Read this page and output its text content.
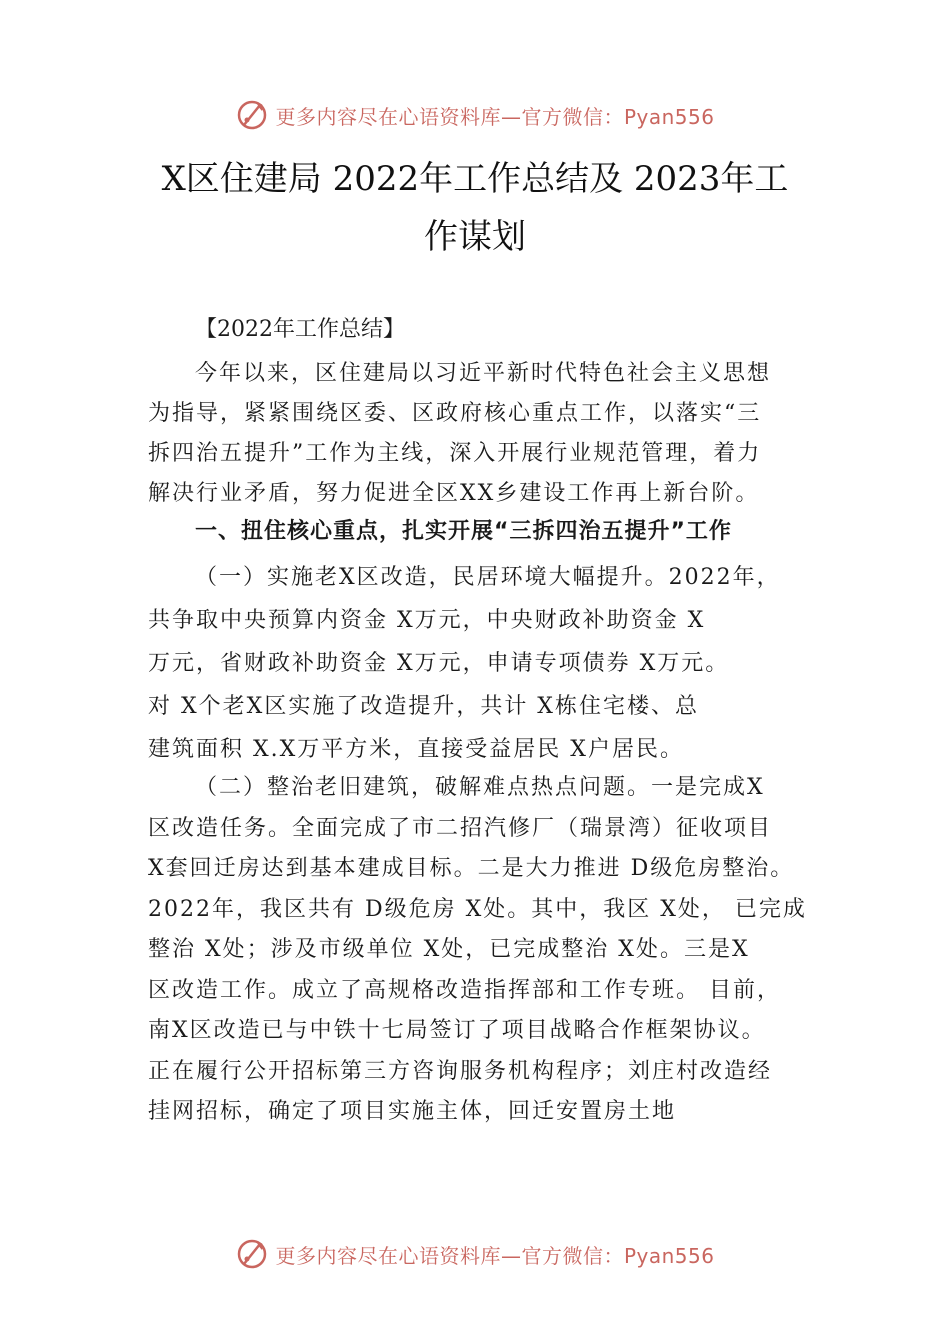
更多内容尽在心语资料库—官方微信：Pyan556
X区住建局 2022年工作总结及 2023年工
作谋划
【2022年工作总结】
今年以来，区住建局以习近平新时代特色社会主义思想
为指导，紧紧围绕区委、区政府核心重点工作，以落实“三
拆四治五提升”工作为主线，深入开展行业规范管理，着力
解决行业矛盾，努力促进全区XX乡建设工作再上新台阶。
一、扭住核心重点，扎实开展“三拆四治五提升”工作
（一）实施老X区改造，民居环境大幅提升。2022年，
共争取中央预算内资金 X万元，中央财政补助资金 X
万元，省财政补助资金 X万元，申请专项债券 X万元。
对 X个老X区实施了改造提升，共计 X栋住宅楼、总
建筑面积 X.X万平方米，直接受益居民 X户居民。
（二）整治老旧建筑，破解难点热点问题。一是完成X
区改造任务。全面完成了市二招汽修厂（瑞景湾）征收项目
X套回迁房达到基本建成目标。二是大力推进 D级危房整治。
2022年，我区共有 D级危房 X处。其中，我区 X处， 已完成
整治 X处；涉及市级单位 X处，已完成整治 X处。三是X
区改造工作。成立了高规格改造指挥部和工作专班。 目前，
南X区改造已与中铁十七局签订了项目战略合作框架协议。
正在履行公开招标第三方咨询服务机构程序；刘庄村改造经
挂网招标，确定了项目实施主体，回迁安置房土地
更多内容尽在心语资料库—官方微信：Pyan556
